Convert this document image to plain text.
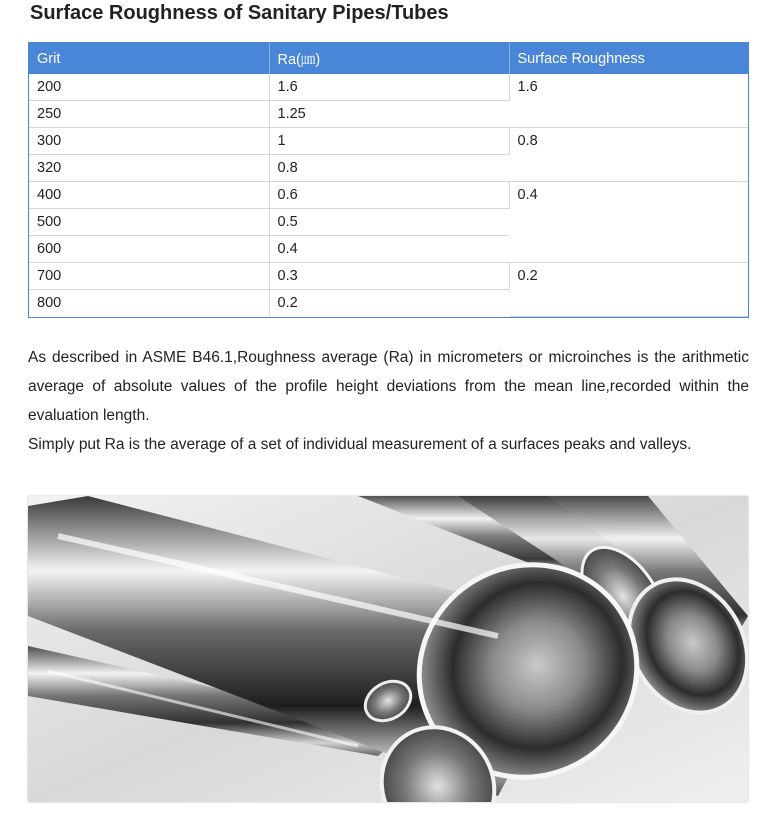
Surface Roughness of Sanitary Pipes/Tubes
Grit	Ra(㎛)	Surface Roughness
200	1.6	1.6
250	1.25	
300	1	0.8
320	0.8	
400	0.6	0.4
500	0.5	
600	0.4	
700	0.3	0.2
800	0.2	

As described in ASME B46.1,Roughness average (Ra) in micrometers or microinches is the arithmetic average of absolute values of the profile height deviations from the mean line,recorded within the evaluation length.

Simply put Ra is the average of a set of individual measurement of a surfaces peaks and valleys.
